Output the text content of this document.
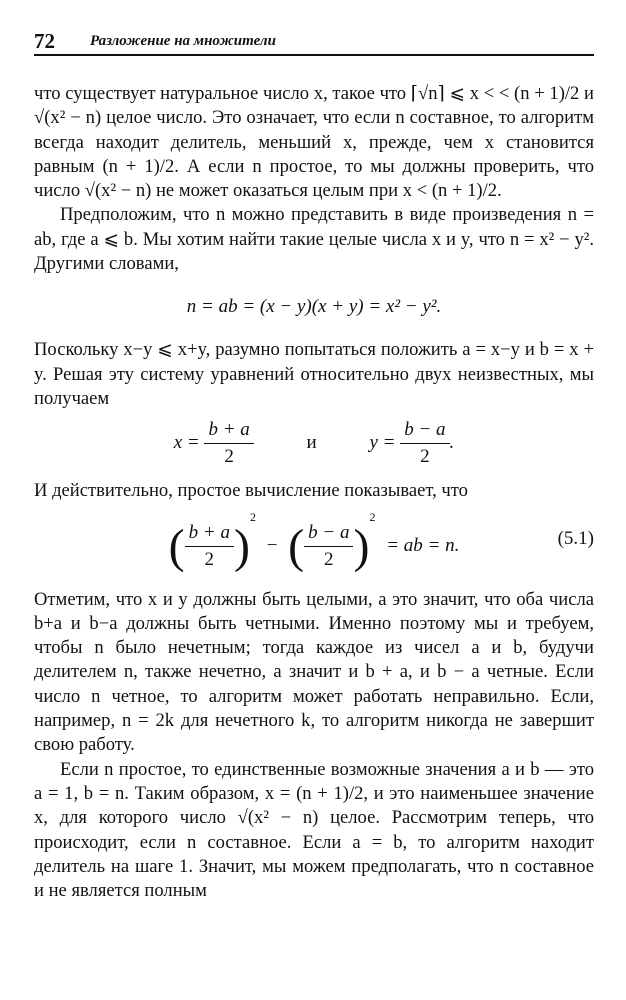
72 Разложение на множители

что существует натуральное число x, такое что ⌈√n⌉ ⩽ x < < (n + 1)/2 и √(x² − n) целое число. Это означает, что если n составное, то алгоритм всегда находит делитель, меньший x, прежде, чем x становится равным (n + 1)/2. А если n простое, то мы должны проверить, что число √(x² − n) не может оказаться целым при x < (n + 1)/2.

Предположим, что n можно представить в виде произведения n = ab, где a ⩽ b. Мы хотим найти такие целые числа x и y, что n = x² − y². Другими словами,

n = ab = (x − y)(x + y) = x² − y².

Поскольку x−y ⩽ x+y, разумно попытаться положить a = x−y и b = x + y. Решая эту систему уравнений относительно двух неизвестных, мы получаем

$x = \frac{b + a}{2}$	и	$y = \frac{b - a}{2}$ .

И действительно, простое вычисление показывает, что

( $\frac{b + a}{2} )^2$ − ( $\frac{b - a}{2} )^2$ = ab = n.	(5.1)

Отметим, что x и y должны быть целыми, а это значит, что оба числа b+a и b−a должны быть четными. Именно поэтому мы и требуем, чтобы n было нечетным; тогда каждое из чисел a и b, будучи делителем n, также нечетно, а значит и b + a, и b − a четные. Если число n четное, то алгоритм может работать неправильно. Если, например, n = 2k для нечетного k, то алгоритм никогда не завершит свою работу.

Если n простое, то единственные возможные значения a и b — это a = 1, b = n. Таким образом, x = (n + 1)/2, и это наименьшее значение x, для которого число √(x² − n) целое. Рассмотрим теперь, что происходит, если n составное. Если a = b, то алгоритм находит делитель на шаге 1. Значит, мы можем предполагать, что n составное и не является полным
